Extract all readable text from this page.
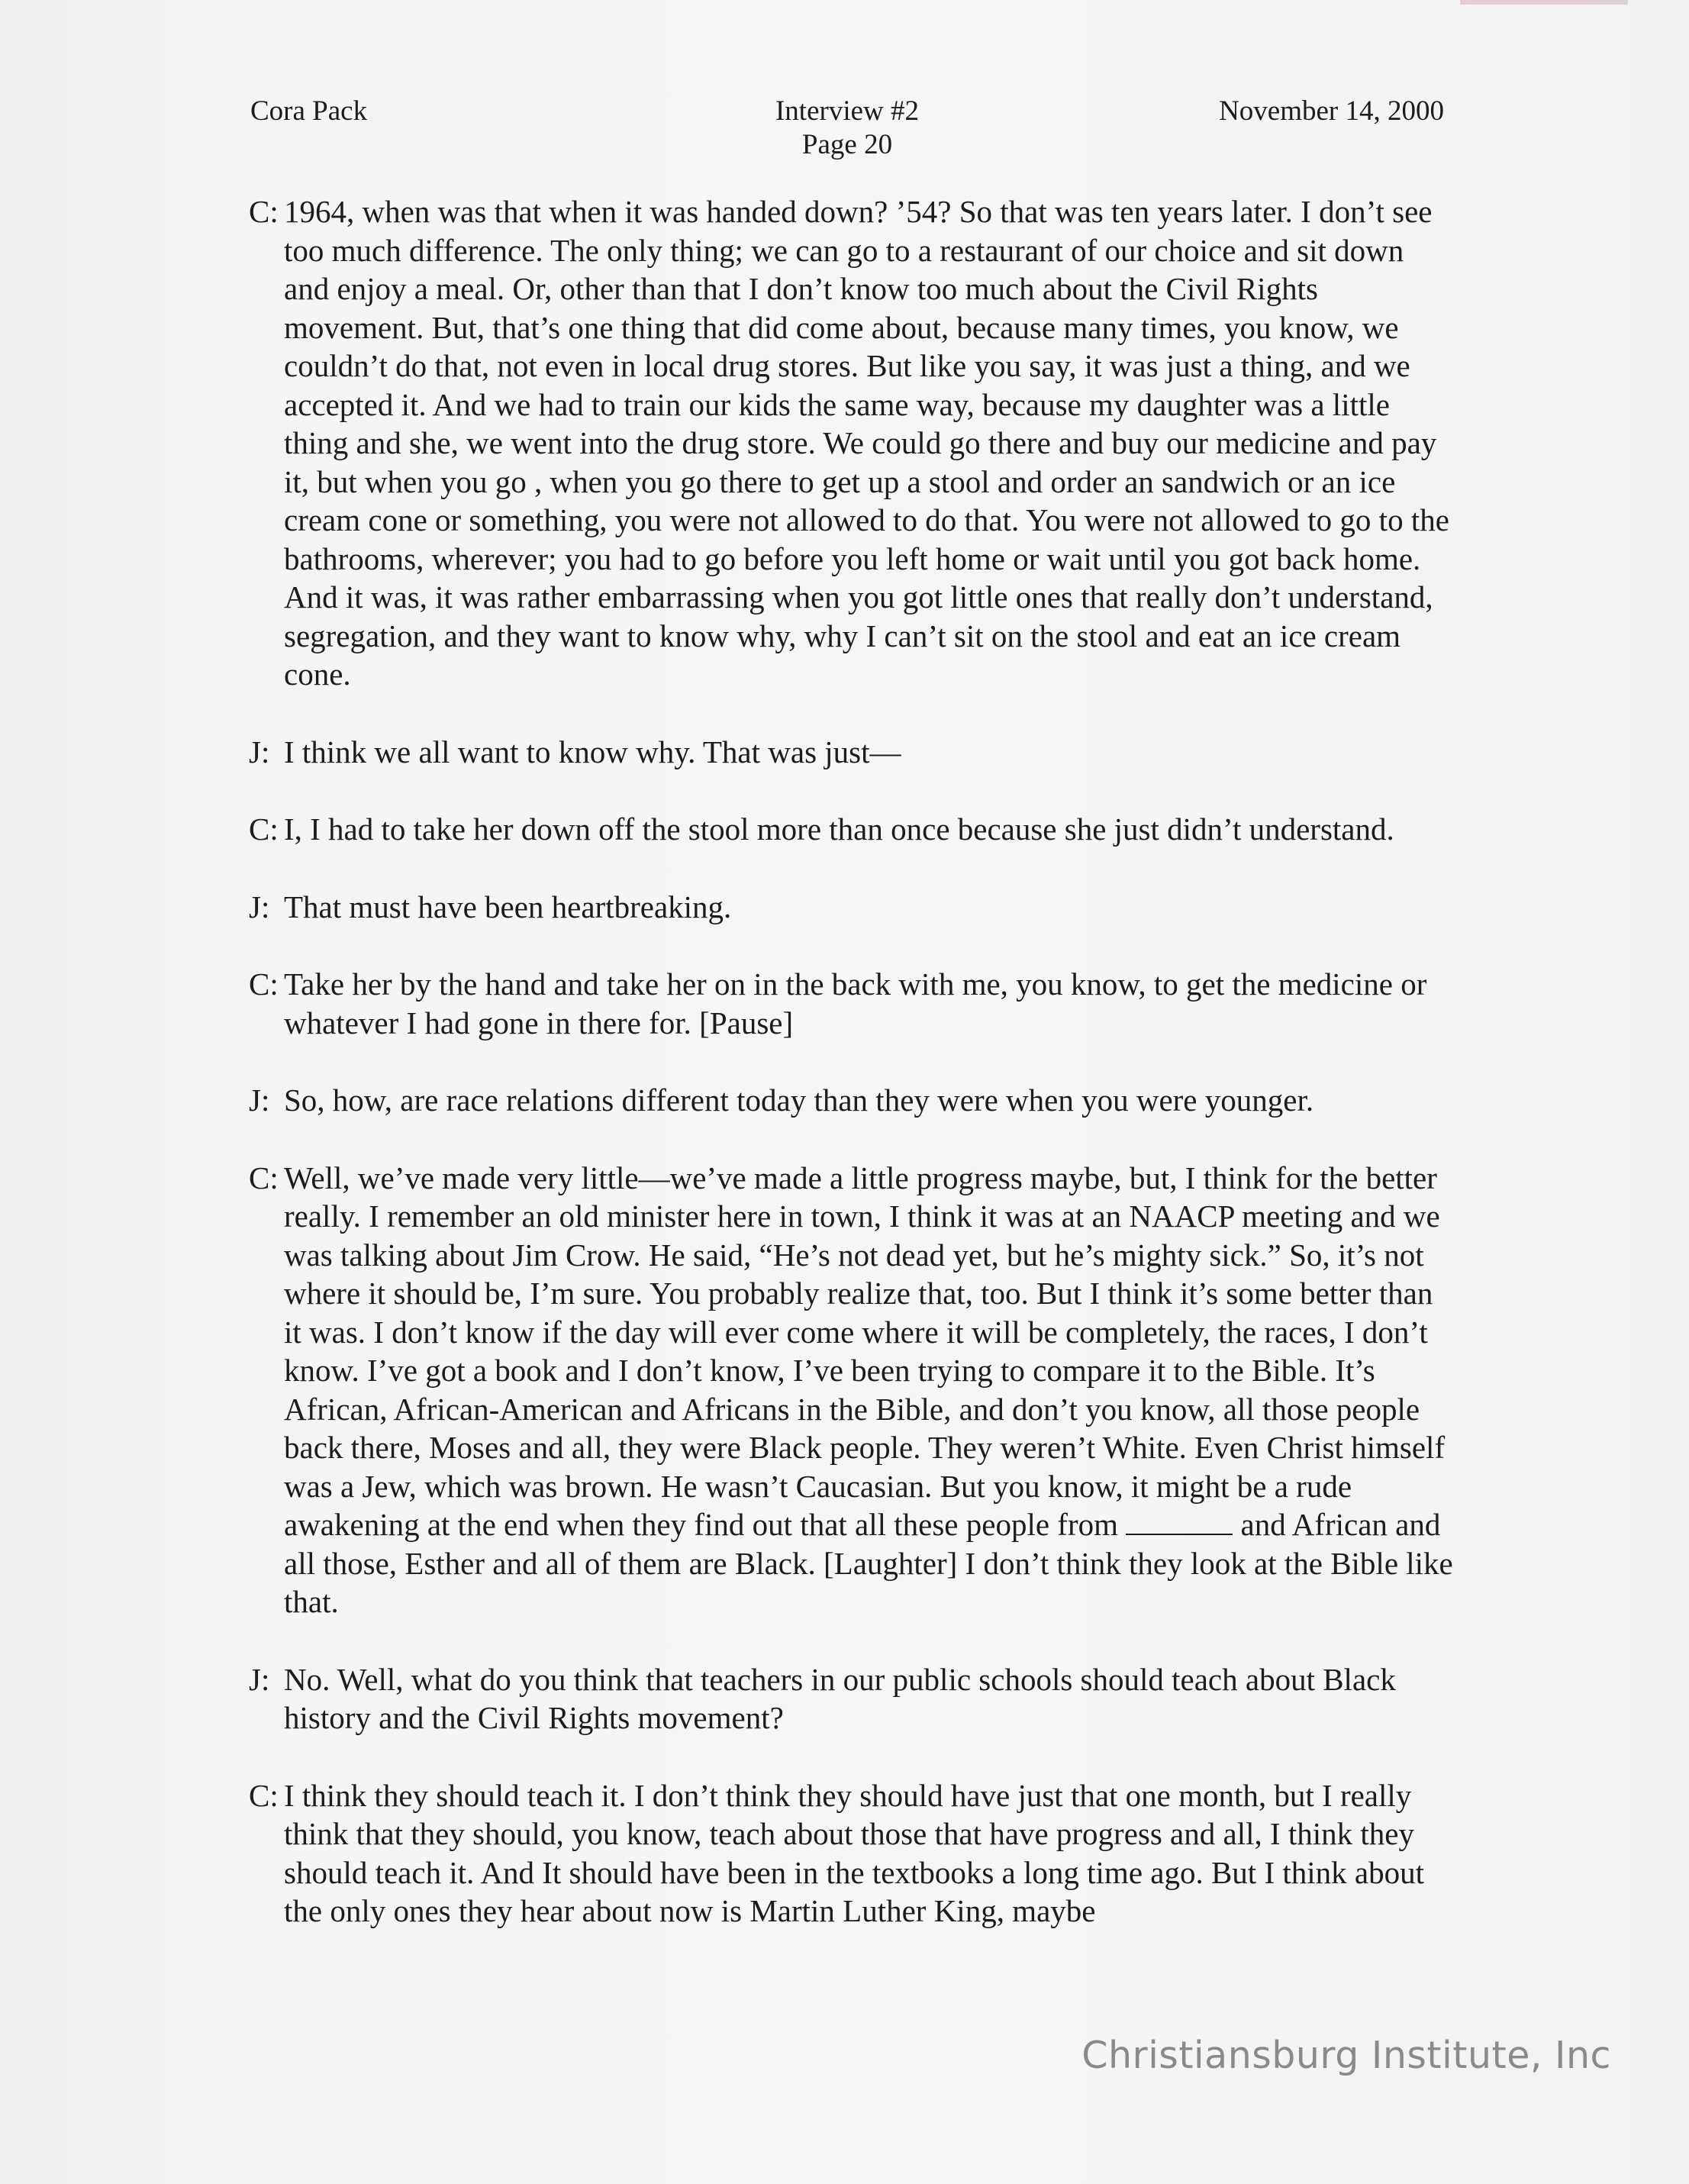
Cora Pack	Interview #2
Page 20
November 14, 2000
C: 1964, when was that when it was handed down? ’54? So that was ten years later. I don’t see too much difference. The only thing; we can go to a restaurant of our choice and sit down and enjoy a meal. Or, other than that I don’t know too much about the Civil Rights movement. But, that’s one thing that did come about, because many times, you know, we couldn’t do that, not even in local drug stores. But like you say, it was just a thing, and we accepted it. And we had to train our kids the same way, because my daughter was a little thing and she, we went into the drug store. We could go there and buy our medicine and pay it, but when you go , when you go there to get up a stool and order an sandwich or an ice cream cone or something, you were not allowed to do that. You were not allowed to go to the bathrooms, wherever; you had to go before you left home or wait until you got back home. And it was, it was rather embarrassing when you got little ones that really don’t understand, segregation, and they want to know why, why I can’t sit on the stool and eat an ice cream cone.
J: I think we all want to know why. That was just—
C: I, I had to take her down off the stool more than once because she just didn’t understand.
J: That must have been heartbreaking.
C: Take her by the hand and take her on in the back with me, you know, to get the medicine or whatever I had gone in there for. [Pause]
J: So, how, are race relations different today than they were when you were younger.
C: Well, we’ve made very little—we’ve made a little progress maybe, but, I think for the better really. I remember an old minister here in town, I think it was at an NAACP meeting and we was talking about Jim Crow. He said, “He’s not dead yet, but he’s mighty sick.” So, it’s not where it should be, I’m sure. You probably realize that, too. But I think it’s some better than it was. I don’t know if the day will ever come where it will be completely, the races, I don’t know. I’ve got a book and I don’t know, I’ve been trying to compare it to the Bible. It’s African, African-American and Africans in the Bible, and don’t you know, all those people back there, Moses and all, they were Black people. They weren’t White. Even Christ himself was a Jew, which was brown. He wasn’t Caucasian. But you know, it might be a rude awakening at the end when they find out that all these people from	and African and all those, Esther and all of them are Black. [Laughter] I don’t think they look at the Bible like that.
J: No. Well, what do you think that teachers in our public schools should teach about Black history and the Civil Rights movement?
C: I think they should teach it. I don’t think they should have just that one month, but I really think that they should, you know, teach about those that have progress and all, I think they should teach it. And It should have been in the textbooks a long time ago. But I think about the only ones they hear about now is Martin Luther King, maybe
Christiansburg Institute, Inc
